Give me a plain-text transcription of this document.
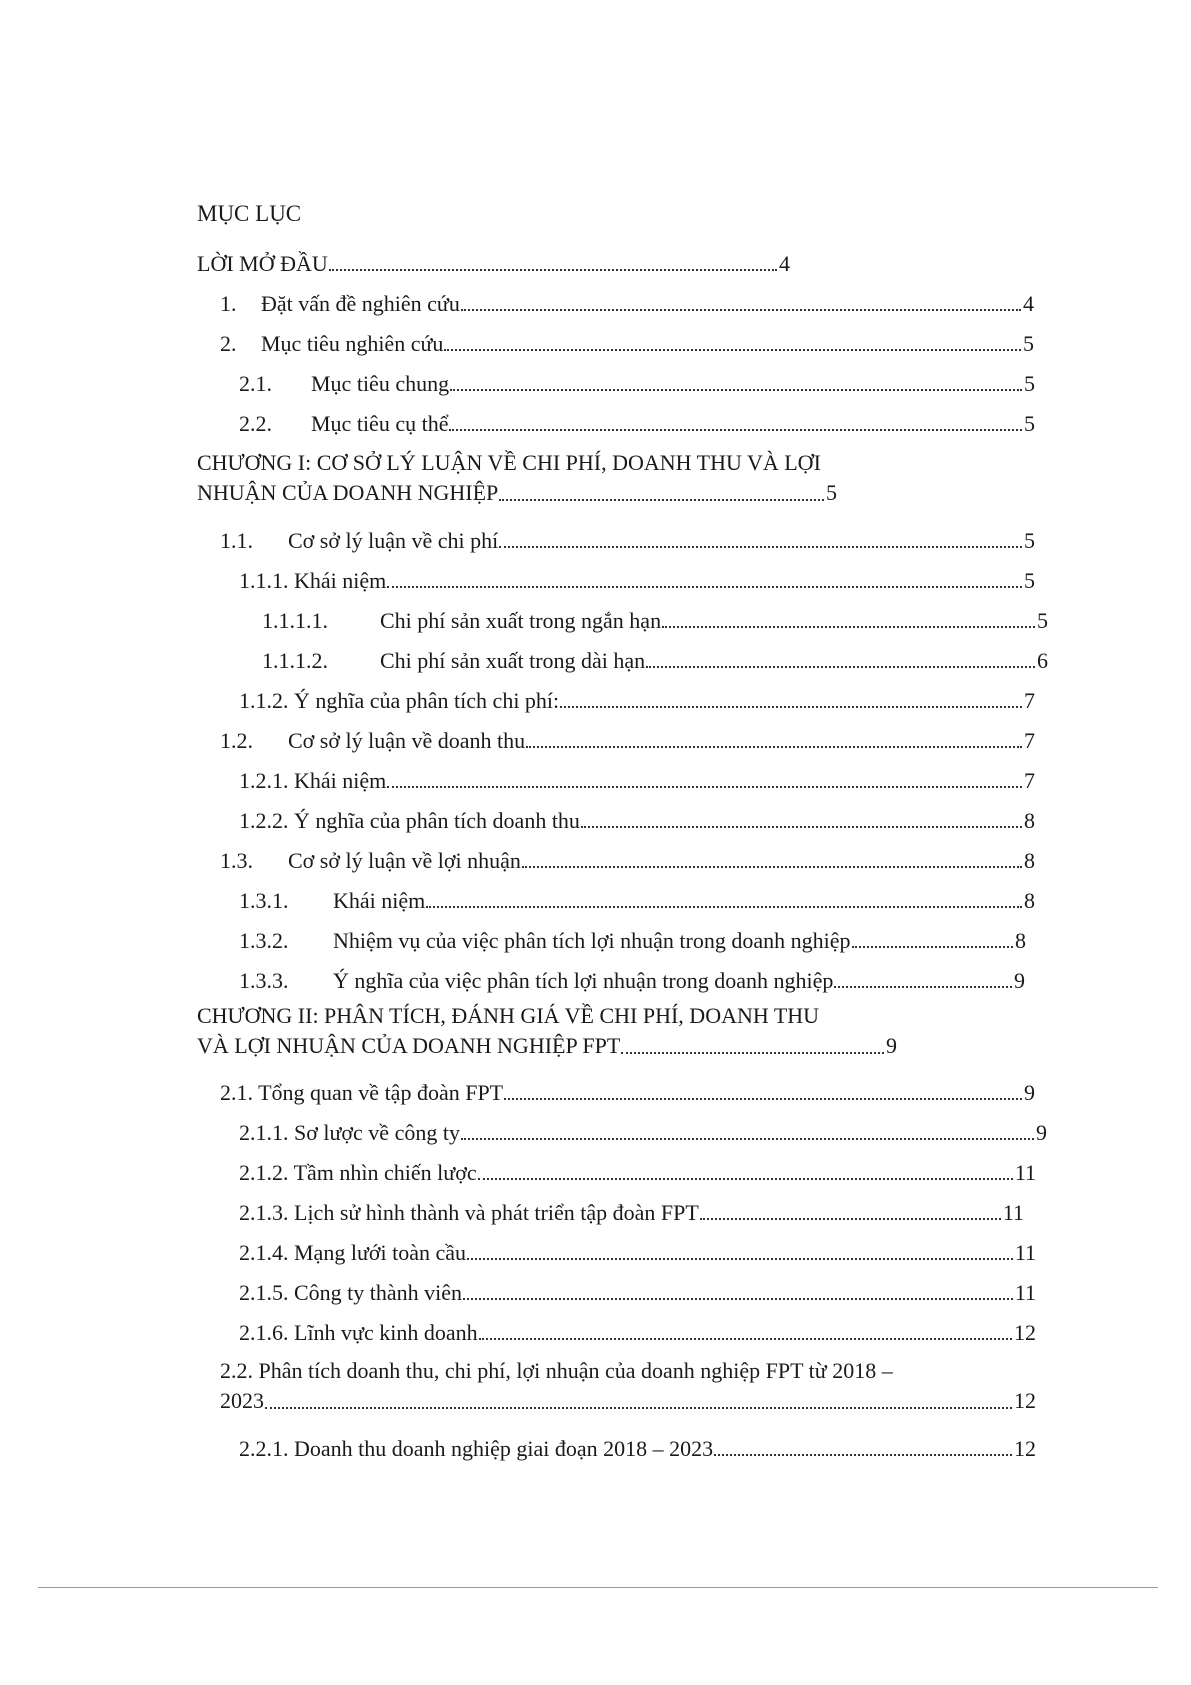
MỤC LỤC
LỜI MỞ ĐẦU	4
1.	Đặt vấn đề nghiên cứu	4
2.	Mục tiêu nghiên cứu	5
2.1.	Mục tiêu chung	5
2.2.	Mục tiêu cụ thể	5
CHƯƠNG I: CƠ SỞ LÝ LUẬN VỀ CHI PHÍ, DOANH THU VÀ LỢI
NHUẬN CỦA DOANH NGHIỆP	5
1.1.	Cơ sở lý luận về chi phí	5
1.1.1. Khái niệm	5
1.1.1.1.	Chi phí sản xuất trong ngắn hạn	5
1.1.1.2.	Chi phí sản xuất trong dài hạn	6
1.1.2. Ý nghĩa của phân tích chi phí:	7
1.2.	Cơ sở lý luận về doanh thu	7
1.2.1. Khái niệm	7
1.2.2. Ý nghĩa của phân tích doanh thu	8
1.3.	Cơ sở lý luận về lợi nhuận	8
1.3.1.	Khái niệm	8
1.3.2.	Nhiệm vụ của việc phân tích lợi nhuận trong doanh nghiệp	8
1.3.3.	Ý nghĩa của việc phân tích lợi nhuận trong doanh nghiệp	9
CHƯƠNG II: PHÂN TÍCH, ĐÁNH GIÁ VỀ CHI PHÍ, DOANH THU
VÀ LỢI NHUẬN CỦA DOANH NGHIỆP FPT	9
2.1. Tổng quan về tập đoàn FPT	9
2.1.1. Sơ lược về công ty	9
2.1.2. Tầm nhìn chiến lược	11
2.1.3. Lịch sử hình thành và phát triển tập đoàn FPT	11
2.1.4. Mạng lưới toàn cầu	11
2.1.5. Công ty thành viên	11
2.1.6. Lĩnh vực kinh doanh	12
2.2. Phân tích doanh thu, chi phí, lợi nhuận của doanh nghiệp FPT từ 2018 –
2023	12
2.2.1. Doanh thu doanh nghiệp giai đoạn 2018 – 2023	12
